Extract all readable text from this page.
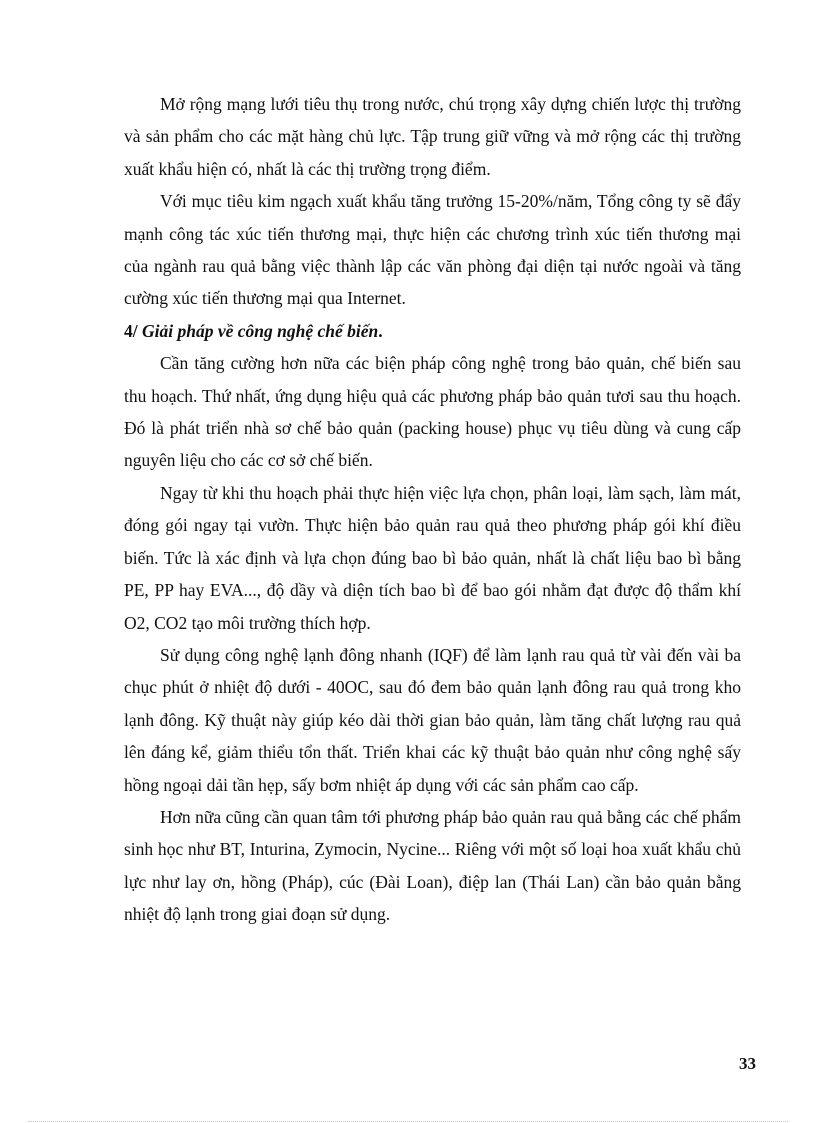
Mở rộng mạng lưới tiêu thụ trong nước, chú trọng xây dựng chiến lược thị trường và sản phẩm cho các mặt hàng chủ lực. Tập trung giữ vững và mở rộng các thị trường xuất khẩu hiện có, nhất là các thị trường trọng điểm.

Với mục tiêu kim ngạch xuất khẩu tăng trưởng 15-20%/năm, Tổng công ty sẽ đẩy mạnh công tác xúc tiến thương mại, thực hiện các chương trình xúc tiến thương mại của ngành rau quả bằng việc thành lập các văn phòng đại diện tại nước ngoài và tăng cường xúc tiến thương mại qua Internet.

4/ Giải pháp về công nghệ chế biến.

Cần tăng cường hơn nữa các biện pháp công nghệ trong bảo quản, chế biến sau thu hoạch. Thứ nhất, ứng dụng hiệu quả các phương pháp bảo quản tươi sau thu hoạch. Đó là phát triển nhà sơ chế bảo quản (packing house) phục vụ tiêu dùng và cung cấp nguyên liệu cho các cơ sở chế biến.

Ngay từ khi thu hoạch phải thực hiện việc lựa chọn, phân loại, làm sạch, làm mát, đóng gói ngay tại vườn. Thực hiện bảo quản rau quả theo phương pháp gói khí điều biến. Tức là xác định và lựa chọn đúng bao bì bảo quản, nhất là chất liệu bao bì bằng PE, PP hay EVA..., độ dầy và diện tích bao bì để bao gói nhằm đạt được độ thẩm khí O2, CO2 tạo môi trường thích hợp.

Sử dụng công nghệ lạnh đông nhanh (IQF) để làm lạnh rau quả từ vài đến vài ba chục phút ở nhiệt độ dưới - 40OC, sau đó đem bảo quản lạnh đông rau quả trong kho lạnh đông. Kỹ thuật này giúp kéo dài thời gian bảo quản, làm tăng chất lượng rau quả lên đáng kể, giảm thiểu tổn thất. Triển khai các kỹ thuật bảo quản như công nghệ sấy hồng ngoại dải tần hẹp, sấy bơm nhiệt áp dụng với các sản phẩm cao cấp.

Hơn nữa cũng cần quan tâm tới phương pháp bảo quản rau quả bằng các chế phẩm sinh học như BT, Inturina, Zymocin, Nycine... Riêng với một số loại hoa xuất khẩu chủ lực như lay ơn, hồng (Pháp), cúc (Đài Loan), điệp lan (Thái Lan) cần bảo quản bằng nhiệt độ lạnh trong giai đoạn sử dụng.

33
